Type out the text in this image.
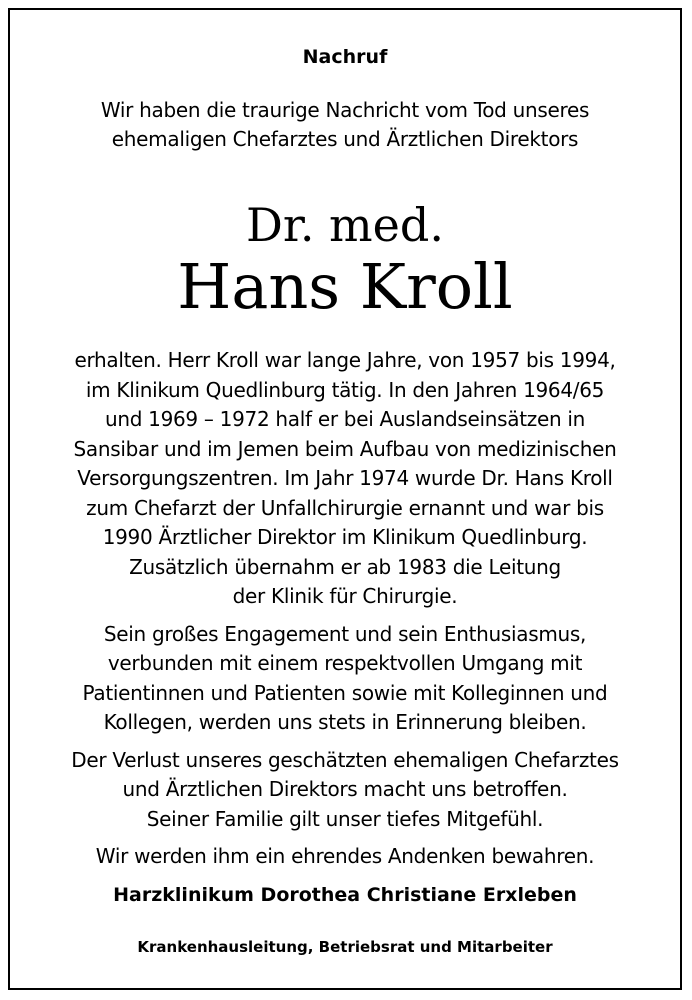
Nachruf
Wir haben die traurige Nachricht vom Tod unseres
ehemaligen Chefarztes und Ärztlichen Direktors
Dr. med.
Hans Kroll
erhalten. Herr Kroll war lange Jahre, von 1957 bis 1994,
im Klinikum Quedlinburg tätig. In den Jahren 1964/65
und 1969 – 1972 half er bei Auslandseinsätzen in
Sansibar und im Jemen beim Aufbau von medizinischen
Versorgungszentren. Im Jahr 1974 wurde Dr. Hans Kroll
zum Chefarzt der Unfallchirurgie ernannt und war bis
1990 Ärztlicher Direktor im Klinikum Quedlinburg.
Zusätzlich übernahm er ab 1983 die Leitung
der Klinik für Chirurgie.
Sein großes Engagement und sein Enthusiasmus,
verbunden mit einem respektvollen Umgang mit
Patientinnen und Patienten sowie mit Kolleginnen und
Kollegen, werden uns stets in Erinnerung bleiben.
Der Verlust unseres geschätzten ehemaligen Chefarztes
und Ärztlichen Direktors macht uns betroffen.
Seiner Familie gilt unser tiefes Mitgefühl.
Wir werden ihm ein ehrendes Andenken bewahren.
Harzklinikum Dorothea Christiane Erxleben
Krankenhausleitung, Betriebsrat und Mitarbeiter
